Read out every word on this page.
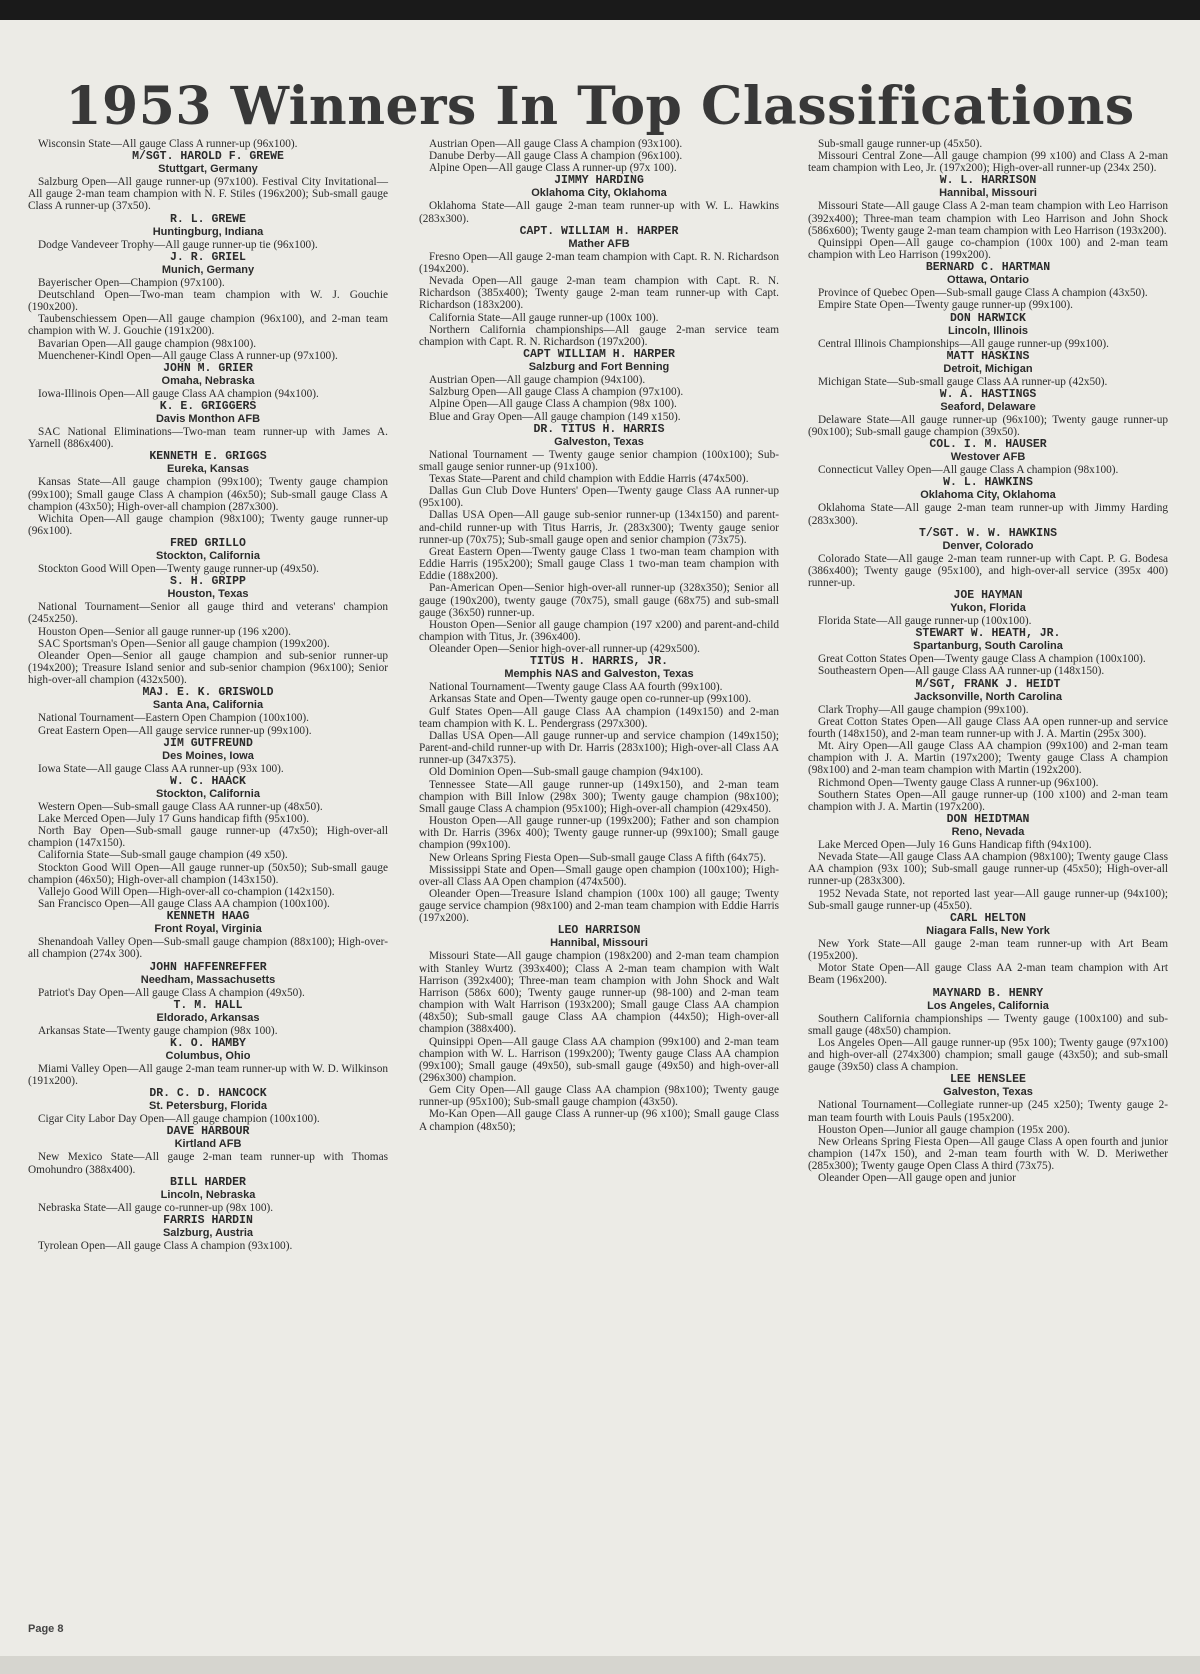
1953 Winners In Top Classifications

Wisconsin State—All gauge Class A runner-up (96x100).

M/SGT. HAROLD F. GREWE
Stuttgart, Germany

Salzburg Open—All gauge runner-up (97x100). Festival City Invitational—All gauge 2-man team champion with N. F. Stiles (196x200); Sub-small gauge Class A runner-up (37x50).

R. L. GREWE
Huntingburg, Indiana

Dodge Vandeveer Trophy—All gauge runner-up tie (96x100).

J. R. GRIEL
Munich, Germany

Bayerischer Open—Champion (97x100).

Deutschland Open—Two-man team champion with W. J. Gouchie (190x200).

Taubenschiessem Open—All gauge champion (96x100), and 2-man team champion with W. J. Gouchie (191x200).

Bavarian Open—All gauge champion (98x100).

Muenchener-Kindl Open—All gauge Class A runner-up (97x100).

JOHN M. GRIER
Omaha, Nebraska

Iowa-Illinois Open—All gauge Class AA champion (94x100).

K. E. GRIGGERS
Davis Monthon AFB

SAC National Eliminations—Two-man team runner-up with James A. Yarnell (886x400).

KENNETH E. GRIGGS
Eureka, Kansas

Kansas State—All gauge champion (99x100); Twenty gauge champion (99x100); Small gauge Class A champion (46x50); Sub-small gauge Class A champion (43x50); High-over-all champion (287x300).

Wichita Open—All gauge champion (98x100); Twenty gauge runner-up (96x100).

FRED GRILLO
Stockton, California

Stockton Good Will Open—Twenty gauge runner-up (49x50).

S. H. GRIPP
Houston, Texas

National Tournament—Senior all gauge third and veterans' champion (245x250).

Houston Open—Senior all gauge runner-up (196 x200).

SAC Sportsman's Open—Senior all gauge champion (199x200).

Oleander Open—Senior all gauge champion and sub-senior runner-up (194x200); Treasure Island senior and sub-senior champion (96x100); Senior high-over-all champion (432x500).

MAJ. E. K. GRISWOLD
Santa Ana, California

National Tournament—Eastern Open Champion (100x100).

Great Eastern Open—All gauge service runner-up (99x100).

JIM GUTFREUND
Des Moines, Iowa

Iowa State—All gauge Class AA runner-up (93x 100).

W. C. HAACK
Stockton, California

Western Open—Sub-small gauge Class AA runner-up (48x50).

Lake Merced Open—July 17 Guns handicap fifth (95x100).

North Bay Open—Sub-small gauge runner-up (47x50); High-over-all champion (147x150).

California State—Sub-small gauge champion (49 x50).

Stockton Good Will Open—All gauge runner-up (50x50); Sub-small gauge champion (46x50); High-over-all champion (143x150).

Vallejo Good Will Open—High-over-all co-champion (142x150).

San Francisco Open—All gauge Class AA champion (100x100).

KENNETH HAAG
Front Royal, Virginia

Shenandoah Valley Open—Sub-small gauge champion (88x100); High-over-all champion (274x 300).

JOHN HAFFENREFFER
Needham, Massachusetts

Patriot's Day Open—All gauge Class A champion (49x50).

T. M. HALL
Eldorado, Arkansas

Arkansas State—Twenty gauge champion (98x 100).

K. O. HAMBY
Columbus, Ohio

Miami Valley Open—All gauge 2-man team runner-up with W. D. Wilkinson (191x200).

DR. C. D. HANCOCK
St. Petersburg, Florida

Cigar City Labor Day Open—All gauge champion (100x100).

DAVE HARBOUR
Kirtland AFB

New Mexico State—All gauge 2-man team runner-up with Thomas Omohundro (388x400).

BILL HARDER
Lincoln, Nebraska

Nebraska State—All gauge co-runner-up (98x 100).

FARRIS HARDIN
Salzburg, Austria

Tyrolean Open—All gauge Class A champion (93x100).

Austrian Open—All gauge Class A champion (93x100).

Danube Derby—All gauge Class A champion (96x100).

Alpine Open—All gauge Class A runner-up (97x 100).

JIMMY HARDING
Oklahoma City, Oklahoma

Oklahoma State—All gauge 2-man team runner-up with W. L. Hawkins (283x300).

CAPT. WILLIAM H. HARPER
Mather AFB

Fresno Open—All gauge 2-man team champion with Capt. R. N. Richardson (194x200).

Nevada Open—All gauge 2-man team champion with Capt. R. N. Richardson (385x400); Twenty gauge 2-man team runner-up with Capt. Richardson (183x200).

California State—All gauge runner-up (100x 100).

Northern California championships—All gauge 2-man service team champion with Capt. R. N. Richardson (197x200).

CAPT WILLIAM H. HARPER
Salzburg and Fort Benning

Austrian Open—All gauge champion (94x100).

Salzburg Open—All gauge Class A champion (97x100).

Alpine Open—All gauge Class A champion (98x 100).

Blue and Gray Open—All gauge champion (149 x150).

DR. TITUS H. HARRIS
Galveston, Texas

National Tournament — Twenty gauge senior champion (100x100); Sub-small gauge senior runner-up (91x100).

Texas State—Parent and child champion with Eddie Harris (474x500).

Dallas Gun Club Dove Hunters' Open—Twenty gauge Class AA runner-up (95x100).

Dallas USA Open—All gauge sub-senior runner-up (134x150) and parent-and-child runner-up with Titus Harris, Jr. (283x300); Twenty gauge senior runner-up (70x75); Sub-small gauge open and senior champion (73x75).

Great Eastern Open—Twenty gauge Class 1 two-man team champion with Eddie Harris (195x200); Small gauge Class 1 two-man team champion with Eddie (188x200).

Pan-American Open—Senior high-over-all runner-up (328x350); Senior all gauge (190x200), twenty gauge (70x75), small gauge (68x75) and sub-small gauge (36x50) runner-up.

Houston Open—Senior all gauge champion (197 x200) and parent-and-child champion with Titus, Jr. (396x400).

Oleander Open—Senior high-over-all runner-up (429x500).

TITUS H. HARRIS, JR.
Memphis NAS and Galveston, Texas

National Tournament—Twenty gauge Class AA fourth (99x100).

Arkansas State and Open—Twenty gauge open co-runner-up (99x100).

Gulf States Open—All gauge Class AA champion (149x150) and 2-man team champion with K. L. Pendergrass (297x300).

Dallas USA Open—All gauge runner-up and service champion (149x150); Parent-and-child runner-up with Dr. Harris (283x100); High-over-all Class AA runner-up (347x375).

Old Dominion Open—Sub-small gauge champion (94x100).

Tennessee State—All gauge runner-up (149x150), and 2-man team champion with Bill Inlow (298x 300); Twenty gauge champion (98x100); Small gauge Class A champion (95x100); High-over-all champion (429x450).

Houston Open—All gauge runner-up (199x200); Father and son champion with Dr. Harris (396x 400); Twenty gauge runner-up (99x100); Small gauge champion (99x100).

New Orleans Spring Fiesta Open—Sub-small gauge Class A fifth (64x75).

Mississippi State and Open—Small gauge open champion (100x100); High-over-all Class AA Open champion (474x500).

Oleander Open—Treasure Island champion (100x 100) all gauge; Twenty gauge service champion (98x100) and 2-man team champion with Eddie Harris (197x200).

LEO HARRISON
Hannibal, Missouri

Missouri State—All gauge champion (198x200) and 2-man team champion with Stanley Wurtz (393x400); Class A 2-man team champion with Walt Harrison (392x400); Three-man team champion with John Shock and Walt Harrison (586x 600); Twenty gauge runner-up (98-100) and 2-man team champion with Walt Harrison (193x200); Small gauge Class AA champion (48x50); Sub-small gauge Class AA champion (44x50); High-over-all champion (388x400).

Quinsippi Open—All gauge Class AA champion (99x100) and 2-man team champion with W. L. Harrison (199x200); Twenty gauge Class AA champion (99x100); Small gauge (49x50), sub-small gauge (49x50) and high-over-all (296x300) champion.

Gem City Open—All gauge Class AA champion (98x100); Twenty gauge runner-up (95x100); Sub-small gauge champion (43x50).

Mo-Kan Open—All gauge Class A runner-up (96 x100); Small gauge Class A champion (48x50);

Sub-small gauge runner-up (45x50).

Missouri Central Zone—All gauge champion (99 x100) and Class A 2-man team champion with Leo, Jr. (197x200); High-over-all runner-up (234x 250).

W. L. HARRISON
Hannibal, Missouri

Missouri State—All gauge Class A 2-man team champion with Leo Harrison (392x400); Three-man team champion with Leo Harrison and John Shock (586x600); Twenty gauge 2-man team champion with Leo Harrison (193x200).

Quinsippi Open—All gauge co-champion (100x 100) and 2-man team champion with Leo Harrison (199x200).

BERNARD C. HARTMAN
Ottawa, Ontario

Province of Quebec Open—Sub-small gauge Class A champion (43x50).

Empire State Open—Twenty gauge runner-up (99x100).

DON HARWICK
Lincoln, Illinois

Central Illinois Championships—All gauge runner-up (99x100).

MATT HASKINS
Detroit, Michigan

Michigan State—Sub-small gauge Class AA runner-up (42x50).

W. A. HASTINGS
Seaford, Delaware

Delaware State—All gauge runner-up (96x100); Twenty gauge runner-up (90x100); Sub-small gauge champion (39x50).

COL. I. M. HAUSER
Westover AFB

Connecticut Valley Open—All gauge Class A champion (98x100).

W. L. HAWKINS
Oklahoma City, Oklahoma

Oklahoma State—All gauge 2-man team runner-up with Jimmy Harding (283x300).

T/SGT. W. W. HAWKINS
Denver, Colorado

Colorado State—All gauge 2-man team runner-up with Capt. P. G. Bodesa (386x400); Twenty gauge (95x100), and high-over-all service (395x 400) runner-up.

JOE HAYMAN
Yukon, Florida

Florida State—All gauge runner-up (100x100).

STEWART W. HEATH, JR.
Spartanburg, South Carolina

Great Cotton States Open—Twenty gauge Class A champion (100x100).

Southeastern Open—All gauge Class AA runner-up (148x150).

M/SGT, FRANK J. HEIDT
Jacksonville, North Carolina

Clark Trophy—All gauge champion (99x100).

Great Cotton States Open—All gauge Class AA open runner-up and service fourth (148x150), and 2-man team runner-up with J. A. Martin (295x 300).

Mt. Airy Open—All gauge Class AA champion (99x100) and 2-man team champion with J. A. Martin (197x200); Twenty gauge Class A champion (98x100) and 2-man team champion with Martin (192x200).

Richmond Open—Twenty gauge Class A runner-up (96x100).

Southern States Open—All gauge runner-up (100 x100) and 2-man team champion with J. A. Martin (197x200).

DON HEIDTMAN
Reno, Nevada

Lake Merced Open—July 16 Guns Handicap fifth (94x100).

Nevada State—All gauge Class AA champion (98x100); Twenty gauge Class AA champion (93x 100); Sub-small gauge runner-up (45x50); High-over-all runner-up (283x300).

1952 Nevada State, not reported last year—All gauge runner-up (94x100); Sub-small gauge runner-up (45x50).

CARL HELTON
Niagara Falls, New York

New York State—All gauge 2-man team runner-up with Art Beam (195x200).

Motor State Open—All gauge Class AA 2-man team champion with Art Beam (196x200).

MAYNARD B. HENRY
Los Angeles, California

Southern California championships — Twenty gauge (100x100) and sub-small gauge (48x50) champion.

Los Angeles Open—All gauge runner-up (95x 100); Twenty gauge (97x100) and high-over-all (274x300) champion; small gauge (43x50); and sub-small gauge (39x50) class A champion.

LEE HENSLEE
Galveston, Texas

National Tournament—Collegiate runner-up (245 x250); Twenty gauge 2-man team fourth with Louis Pauls (195x200).

Houston Open—Junior all gauge champion (195x 200).

New Orleans Spring Fiesta Open—All gauge Class A open fourth and junior champion (147x 150), and 2-man team fourth with W. D. Meriwether (285x300); Twenty gauge Open Class A third (73x75).

Oleander Open—All gauge open and junior

Page 8
